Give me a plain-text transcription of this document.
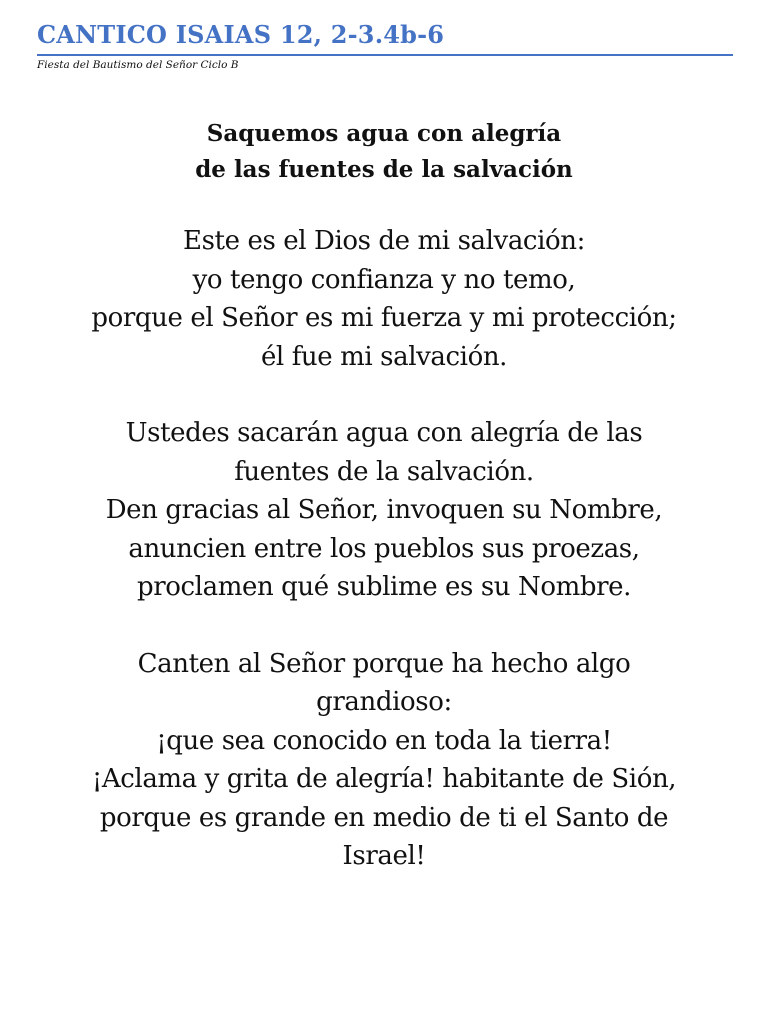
CANTICO ISAIAS 12, 2-3.4b-6
Fiesta del Bautismo del Señor Ciclo B
Saquemos agua con alegría
de las fuentes de la salvación
Este es el Dios de mi salvación:
yo tengo confianza y no temo,
porque el Señor es mi fuerza y mi protección;
él fue mi salvación.
Ustedes sacarán agua con alegría de las
fuentes de la salvación.
Den gracias al Señor, invoquen su Nombre,
anuncien entre los pueblos sus proezas,
proclamen qué sublime es su Nombre.
Canten al Señor porque ha hecho algo
grandioso:
¡que sea conocido en toda la tierra!
¡Aclama y grita de alegría! habitante de Sión,
porque es grande en medio de ti el Santo de
Israel!
